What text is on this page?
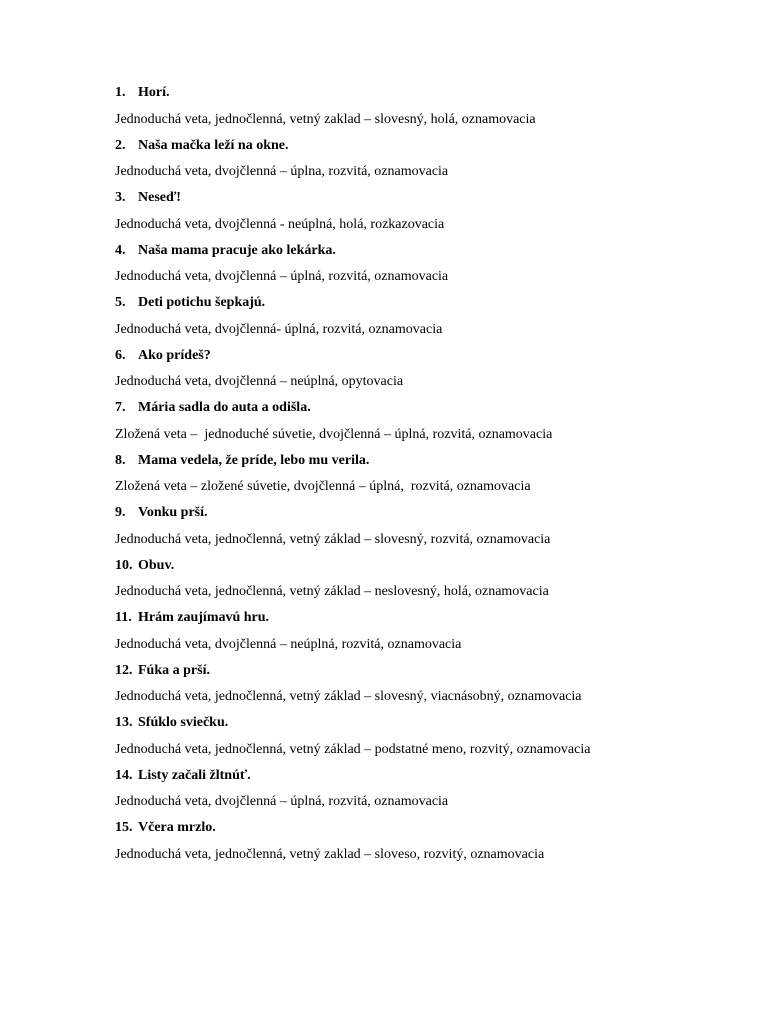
1. Horí.
Jednoduchá veta, jednočlenná, vetný zaklad – slovesný, holá, oznamovacia
2. Naša mačka leží na okne.
Jednoduchá veta, dvojčlenná – úplna, rozvitá, oznamovacia
3. Neseď!
Jednoduchá veta, dvojčlenná - neúplná, holá, rozkazovacia
4. Naša mama pracuje ako lekárka.
Jednoduchá veta, dvojčlenná – úplná, rozvitá, oznamovacia
5. Deti potichu šepkajú.
Jednoduchá veta, dvojčlenná- úplná, rozvitá, oznamovacia
6. Ako prídeš?
Jednoduchá veta, dvojčlenná – neúplná, opytovacia
7. Mária sadla do auta a odišla.
Zložená veta –  jednoduché súvetie, dvojčlenná – úplná, rozvitá, oznamovacia
8. Mama vedela, že príde, lebo mu verila.
Zložená veta – zložené súvetie, dvojčlenná – úplná,  rozvitá, oznamovacia
9. Vonku prší.
Jednoduchá veta, jednočlenná, vetný základ – slovesný, rozvitá, oznamovacia
10. Obuv.
Jednoduchá veta, jednočlenná, vetný základ – neslovesný, holá, oznamovacia
11. Hrám zaujímavú hru.
Jednoduchá veta, dvojčlenná – neúplná, rozvitá, oznamovacia
12. Fúka a prší.
Jednoduchá veta, jednočlenná, vetný základ – slovesný, viacnásobný, oznamovacia
13. Sfúklo sviečku.
Jednoduchá veta, jednočlenná, vetný základ – podstatné meno, rozvitý, oznamovacia
14. Listy začali žltnúť.
Jednoduchá veta, dvojčlenná – úplná, rozvitá, oznamovacia
15. Včera mrzlo.
Jednoduchá veta, jednočlenná, vetný zaklad – sloveso, rozvitý, oznamovacia
